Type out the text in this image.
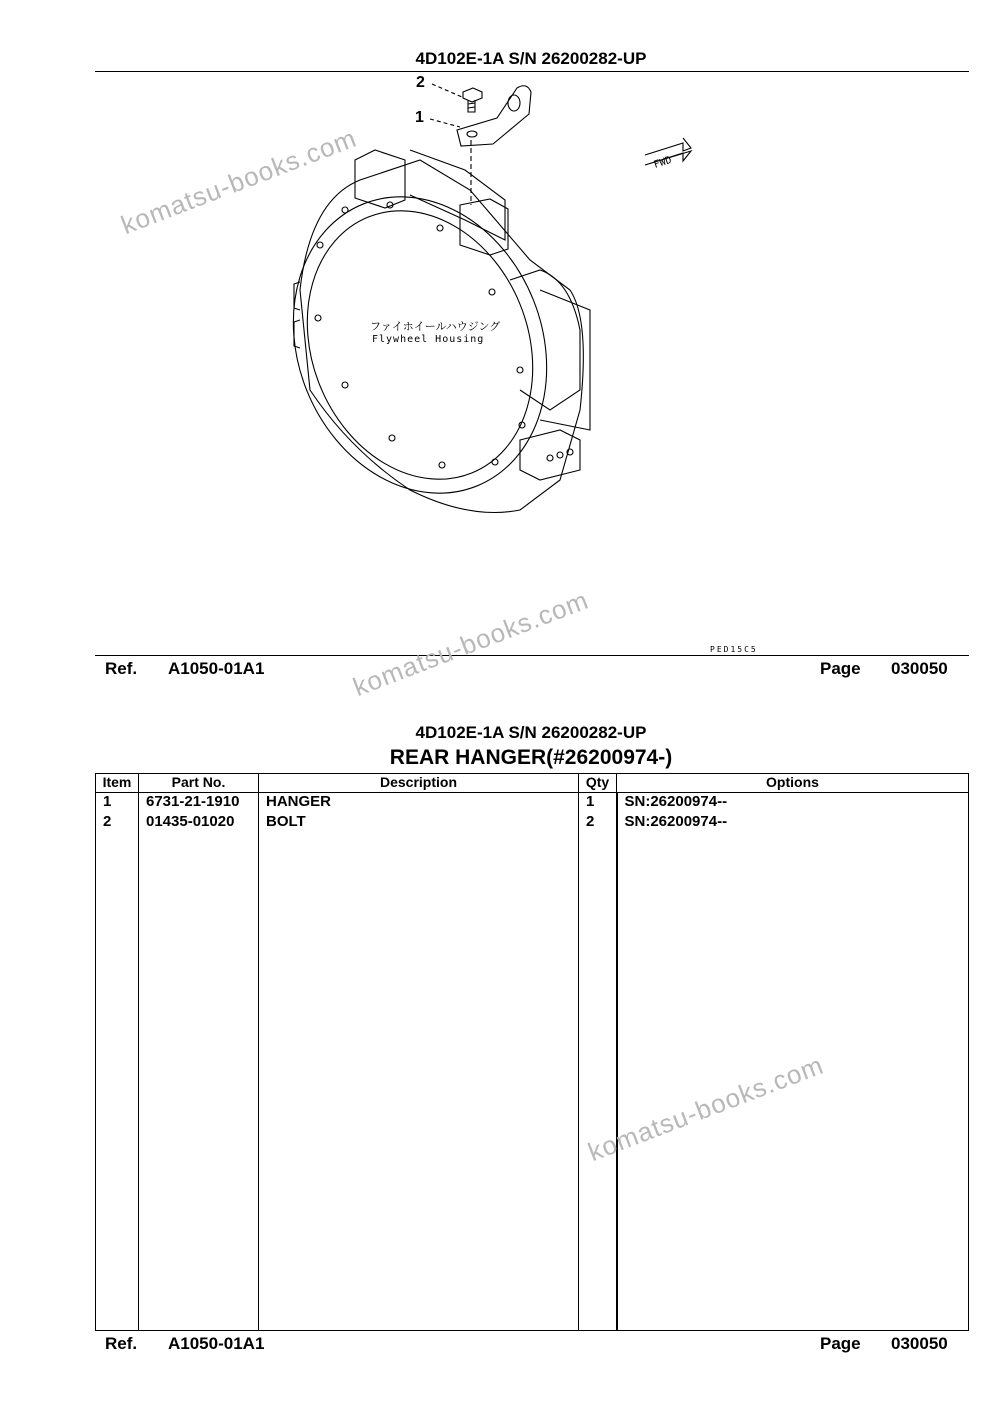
4D102E-1A S/N 26200282-UP
2
1
FWD
ファイホイールハウジング
Flywheel Housing
PED15C5
Ref. A1050-01A1	Page 030050
4D102E-1A S/N 26200282-UP
REAR HANGER(#26200974-)
Item	Part No.	Description	Qty	Options
1	6731-21-1910	HANGER	1	SN:26200974--
2	01435-01020	BOLT	2	SN:26200974--

Ref. A1050-01A1	Page 030050
komatsu-books.com
komatsu-books.com
komatsu-books.com
